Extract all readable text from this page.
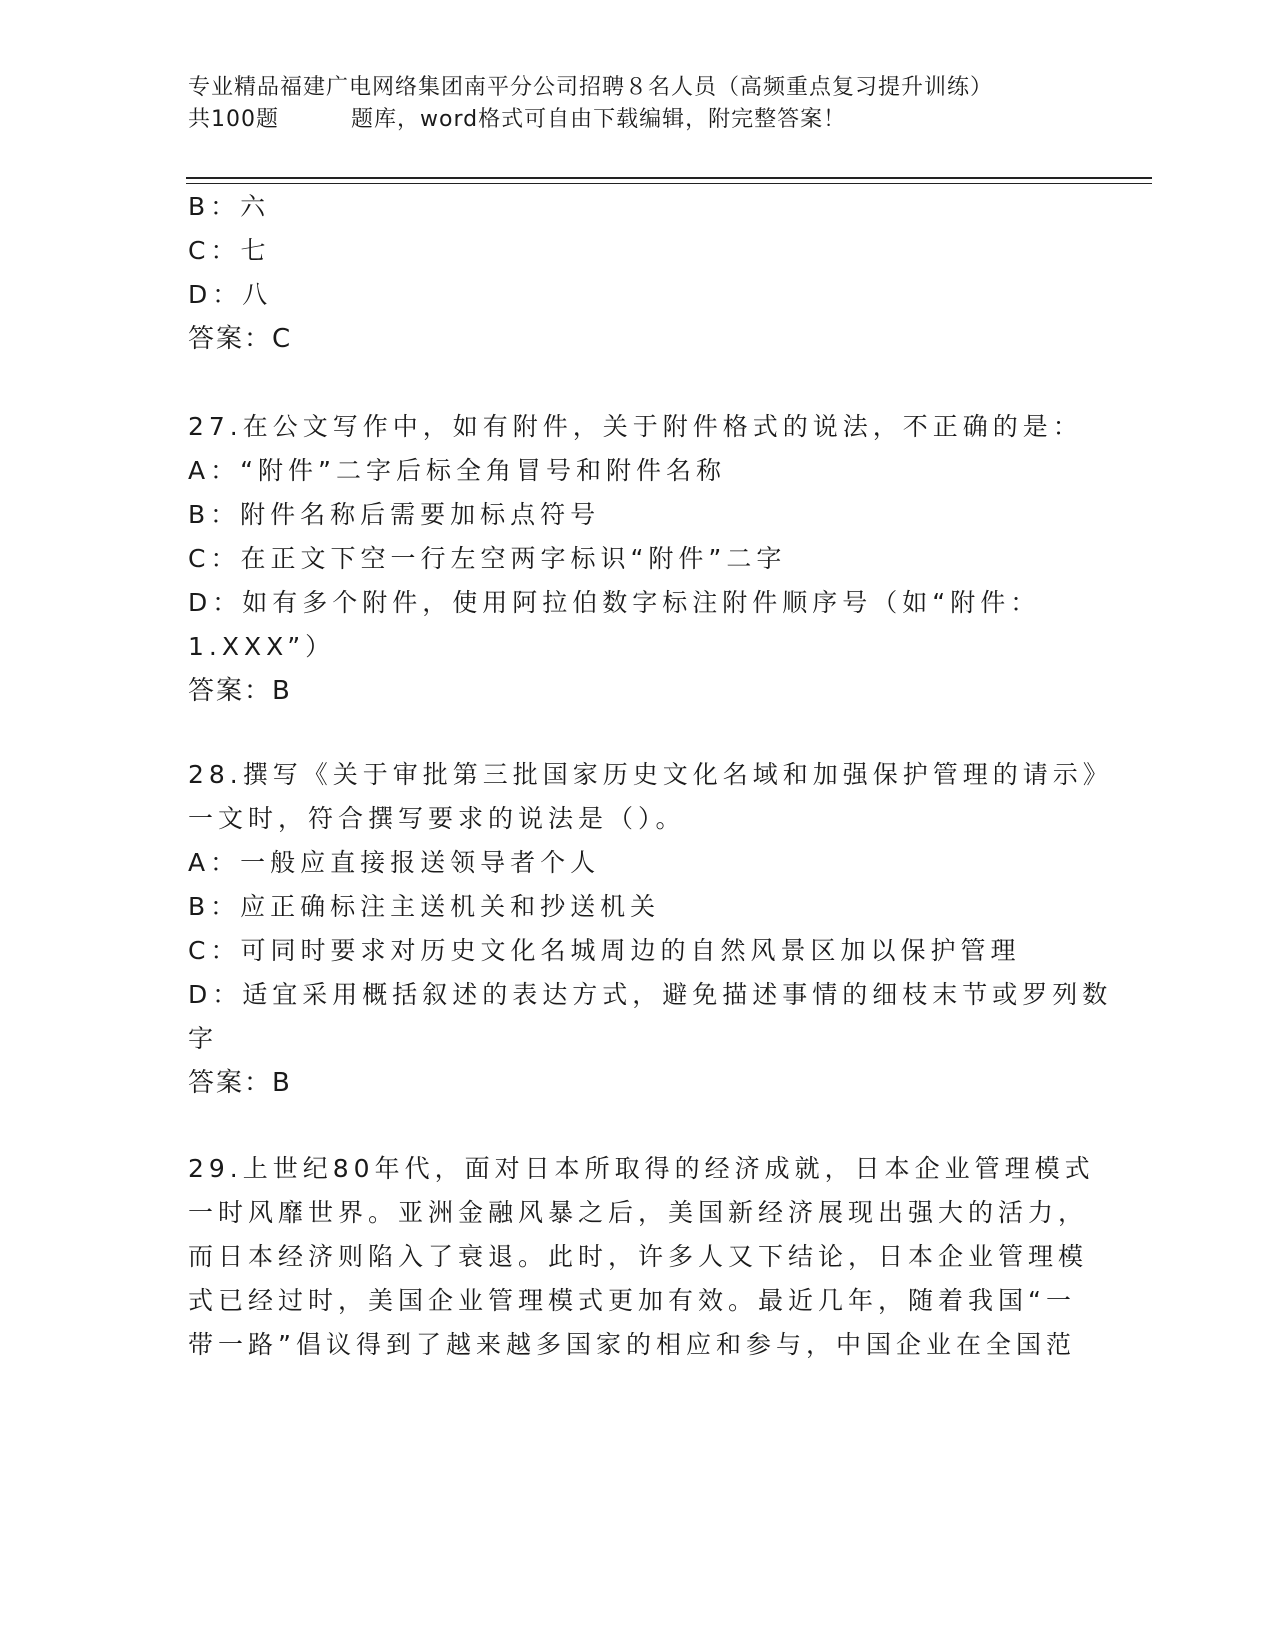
专业精品福建广电网络集团南平分公司招聘８名人员（高频重点复习提升训练）
共100题	题库，word格式可自由下载编辑，附完整答案！
B：六
C：七
D：八
答案：C
27.在公文写作中，如有附件，关于附件格式的说法，不正确的是：
A：“附件”二字后标全角冒号和附件名称
B：附件名称后需要加标点符号
C：在正文下空一行左空两字标识“附件”二字
D：如有多个附件，使用阿拉伯数字标注附件顺序号（如“附件：
1.XXX”）
答案：B
28.撰写《关于审批第三批国家历史文化名域和加强保护管理的请示》
一文时，符合撰写要求的说法是（）。
A：一般应直接报送领导者个人
B：应正确标注主送机关和抄送机关
C：可同时要求对历史文化名城周边的自然风景区加以保护管理
D：适宜采用概括叙述的表达方式，避免描述事情的细枝末节或罗列数
字
答案：B
29.上世纪80年代，面对日本所取得的经济成就，日本企业管理模式
一时风靡世界。亚洲金融风暴之后，美国新经济展现出强大的活力，
而日本经济则陷入了衰退。此时，许多人又下结论，日本企业管理模
式已经过时，美国企业管理模式更加有效。最近几年，随着我国“一
带一路”倡议得到了越来越多国家的相应和参与，中国企业在全国范
